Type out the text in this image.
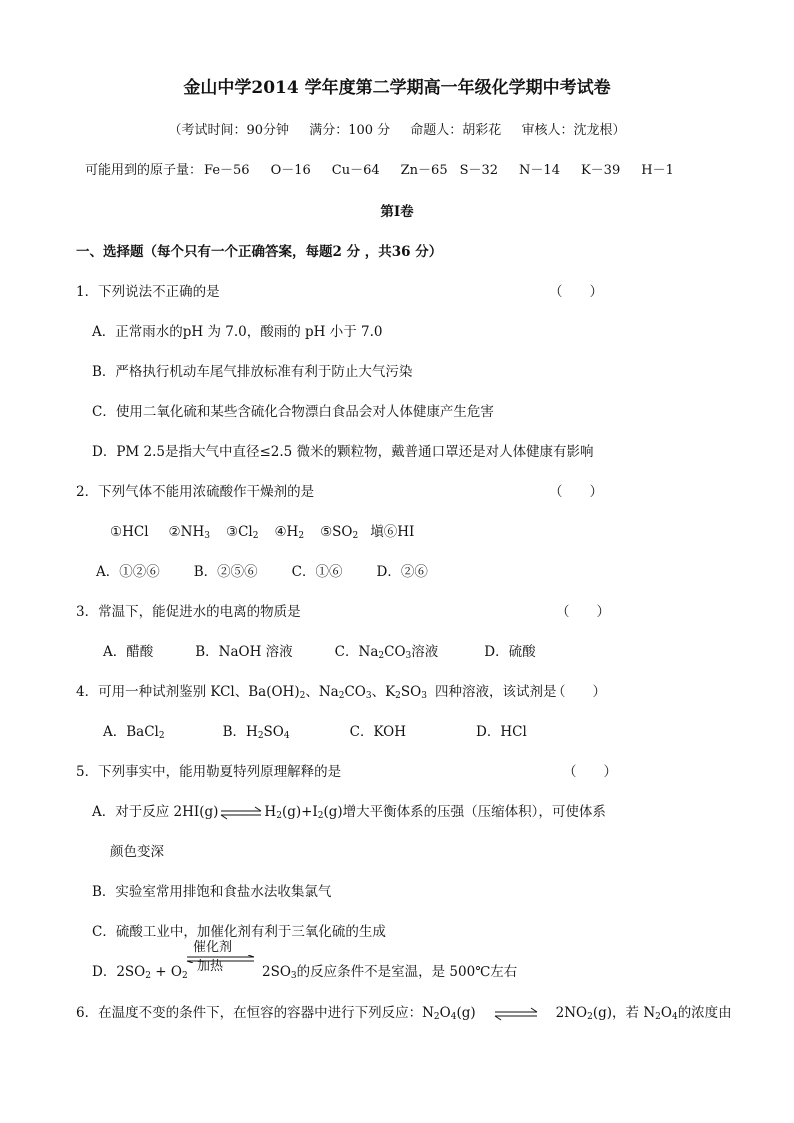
金山中学2014 学年度第二学期高一年级化学期中考试卷
（考试时间：90分钟 满分：100 分 命题人：胡彩花 审核人：沈龙根）
可能用到的原子量： Fe－56 O－16 Cu－64 Zn－65 S－32 N－14 K－39 H－1
第Ⅰ卷
一、选择题（每个只有一个正确答案，每题2 分 ，共36 分）
1．下列说法不正确的是	（　　）
A．正常雨水的pH 为 7.0，酸雨的 pH 小于 7.0
B．严格执行机动车尾气排放标准有利于防止大气污染
C．使用二氧化硫和某些含硫化合物漂白食品会对人体健康产生危害
D．PM 2.5是指大气中直径≤2.5 微米的颗粒物，戴普通口罩还是对人体健康有影响
2．下列气体不能用浓硫酸作干燥剂的是	（　　）
①HCl $②NH_3$ $③Cl_2$ $④H_2$ $⑤SO_2$ 塡⑥HI
A．①②⑥	B．②⑤⑥	C．①⑥	D．②⑥
3．常温下，能促进水的电离的物质是	（　　）
A．醋酸	B．NaOH 溶液	C．$Na_2CO_3$溶液	D．硫酸
4．可用一种试剂鉴别 KCl、$Ba(OH)_2$、$Na_2CO_3$、$K_2SO_3$ 四种溶液，该试剂是
（　　）
A．BaCl$_2$	B．$H_2SO_4$	C．KOH	D．HCl
5．下列事实中，能用勒夏特列原理解释的是	（　　）
A．对于反应 2HI(g) ⇌ $H_2(g)+I_2(g)$增大平衡体系的压强（压缩体积），可使体系
颜色变深
B．实验室常用排饱和食盐水法收集氯气
C．硫酸工业中，加催化剂有利于三氧化硫的生成
D．$2SO_2 + O_2$
催化剂
加热	$2SO_3$的反应条件不是室温，是 500℃左右
6．在温度不变的条件下，在恒容的容器中进行下列反应：$N_2O_4(g)$ ⇌ $2NO_2(g)$，若 $N_2O_4$的浓度由
